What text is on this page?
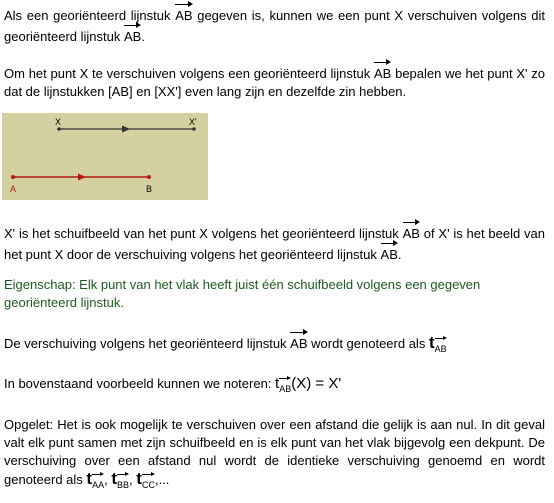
Als een georiënteerd lijnstuk AB gegeven is, kunnen we een punt X verschuiven volgens dit georiënteerd lijnstuk AB.

Om het punt X te verschuiven volgens een georiënteerd lijnstuk AB bepalen we het punt X' zo dat de lijnstukken [AB] en [XX'] even lang zijn en dezelfde zin hebben.

X	X'
A	B

X' is het schuifbeeld van het punt X volgens het georiënteerd lijnstuk AB of X' is het beeld van het punt X door de verschuiving volgens het georiënteerd lijnstuk AB.

Eigenschap: Elk punt van het vlak heeft juist één schuifbeeld volgens een gegeven georiënteerd lijnstuk.

De verschuiving volgens het georiënteerd lijnstuk AB wordt genoteerd als $t_{AB}$

In bovenstaand voorbeeld kunnen we noteren: $t_{AB}(X) = X'$

Opgelet: Het is ook mogelijk te verschuiven over een afstand die gelijk is aan nul. In dit geval valt elk punt samen met zijn schuifbeeld en is elk punt van het vlak bijgevolg een dekpunt. De verschuiving over een afstand nul wordt de identieke verschuiving genoemd en wordt genoteerd als $t_{AA}$, $t_{BB}$, $t_{CC}$,...
